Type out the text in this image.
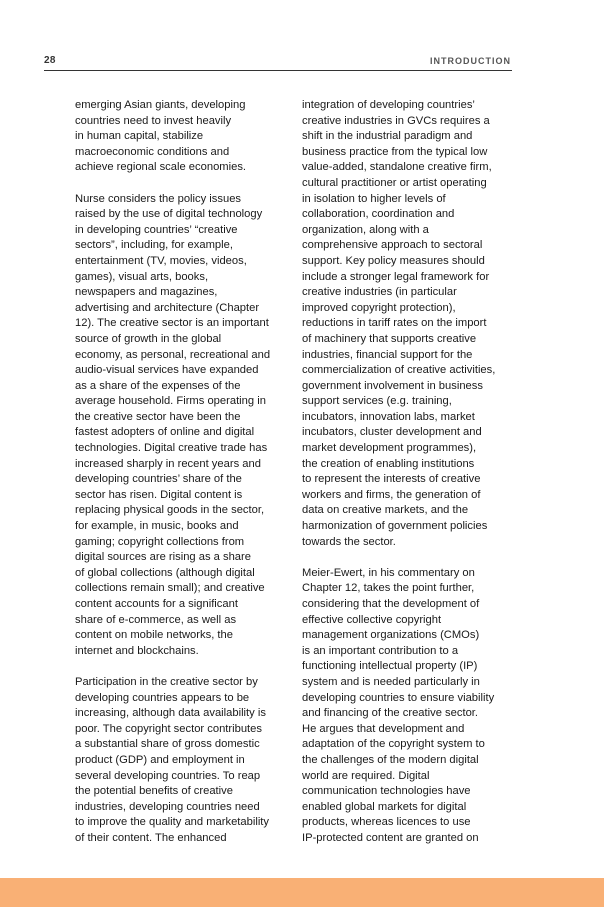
28	INTRODUCTION

emerging Asian giants, developing
countries need to invest heavily
in human capital, stabilize
macroeconomic conditions and
achieve regional scale economies.

Nurse considers the policy issues
raised by the use of digital technology
in developing countries’ “creative
sectors”, including, for example,
entertainment (TV, movies, videos,
games), visual arts, books,
newspapers and magazines,
advertising and architecture (Chapter
12). The creative sector is an important
source of growth in the global
economy, as personal, recreational and
audio-visual services have expanded
as a share of the expenses of the
average household. Firms operating in
the creative sector have been the
fastest adopters of online and digital
technologies. Digital creative trade has
increased sharply in recent years and
developing countries’ share of the
sector has risen. Digital content is
replacing physical goods in the sector,
for example, in music, books and
gaming; copyright collections from
digital sources are rising as a share
of global collections (although digital
collections remain small); and creative
content accounts for a significant
share of e-commerce, as well as
content on mobile networks, the
internet and blockchains.

Participation in the creative sector by
developing countries appears to be
increasing, although data availability is
poor. The copyright sector contributes
a substantial share of gross domestic
product (GDP) and employment in
several developing countries. To reap
the potential benefits of creative
industries, developing countries need
to improve the quality and marketability
of their content. The enhanced

integration of developing countries’
creative industries in GVCs requires a
shift in the industrial paradigm and
business practice from the typical low
value-added, standalone creative firm,
cultural practitioner or artist operating
in isolation to higher levels of
collaboration, coordination and
organization, along with a
comprehensive approach to sectoral
support. Key policy measures should
include a stronger legal framework for
creative industries (in particular
improved copyright protection),
reductions in tariff rates on the import
of machinery that supports creative
industries, financial support for the
commercialization of creative activities,
government involvement in business
support services (e.g. training,
incubators, innovation labs, market
incubators, cluster development and
market development programmes),
the creation of enabling institutions
to represent the interests of creative
workers and firms, the generation of
data on creative markets, and the
harmonization of government policies
towards the sector.

Meier-Ewert, in his commentary on
Chapter 12, takes the point further,
considering that the development of
effective collective copyright
management organizations (CMOs)
is an important contribution to a
functioning intellectual property (IP)
system and is needed particularly in
developing countries to ensure viability
and financing of the creative sector.
He argues that development and
adaptation of the copyright system to
the challenges of the modern digital
world are required. Digital
communication technologies have
enabled global markets for digital
products, whereas licences to use
IP-protected content are granted on
